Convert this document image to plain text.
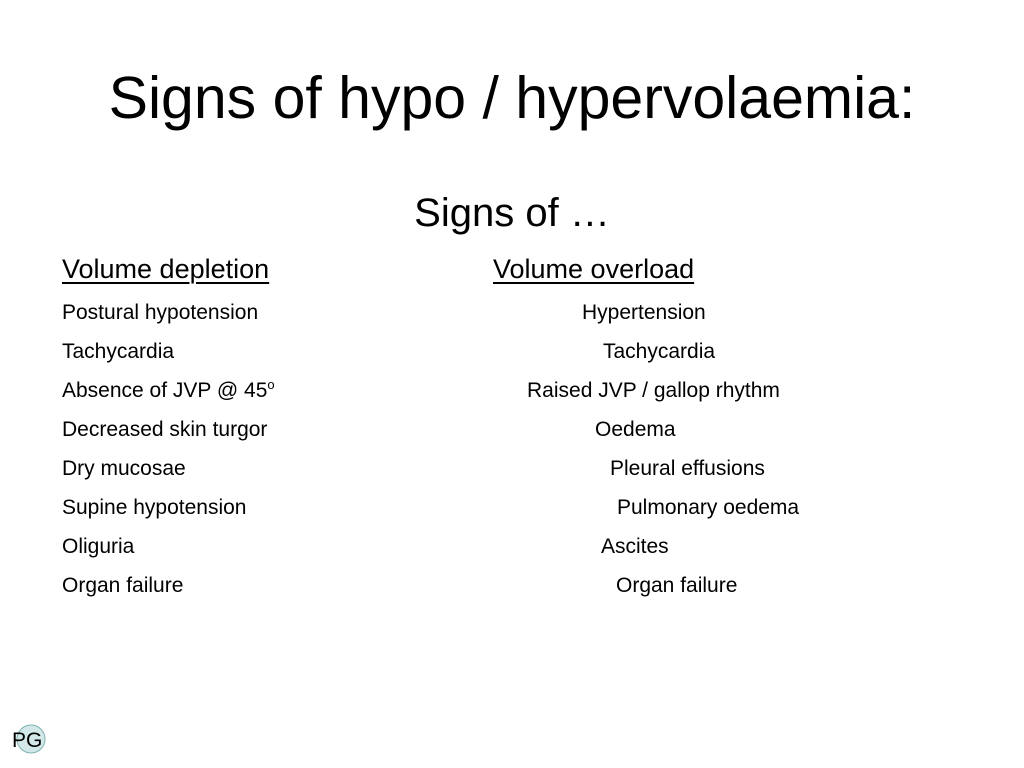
Signs of hypo / hypervolaemia:
Signs of …
Volume depletion	Volume overload
Postural hypotension
Tachycardia
Absence of JVP @ 45$^o$
Decreased skin turgor
Dry mucosae
Supine hypotension
Oliguria
Organ failure
Hypertension
Tachycardia
Raised JVP / gallop rhythm
Oedema
Pleural effusions
Pulmonary oedema
Ascites
Organ failure
PG
